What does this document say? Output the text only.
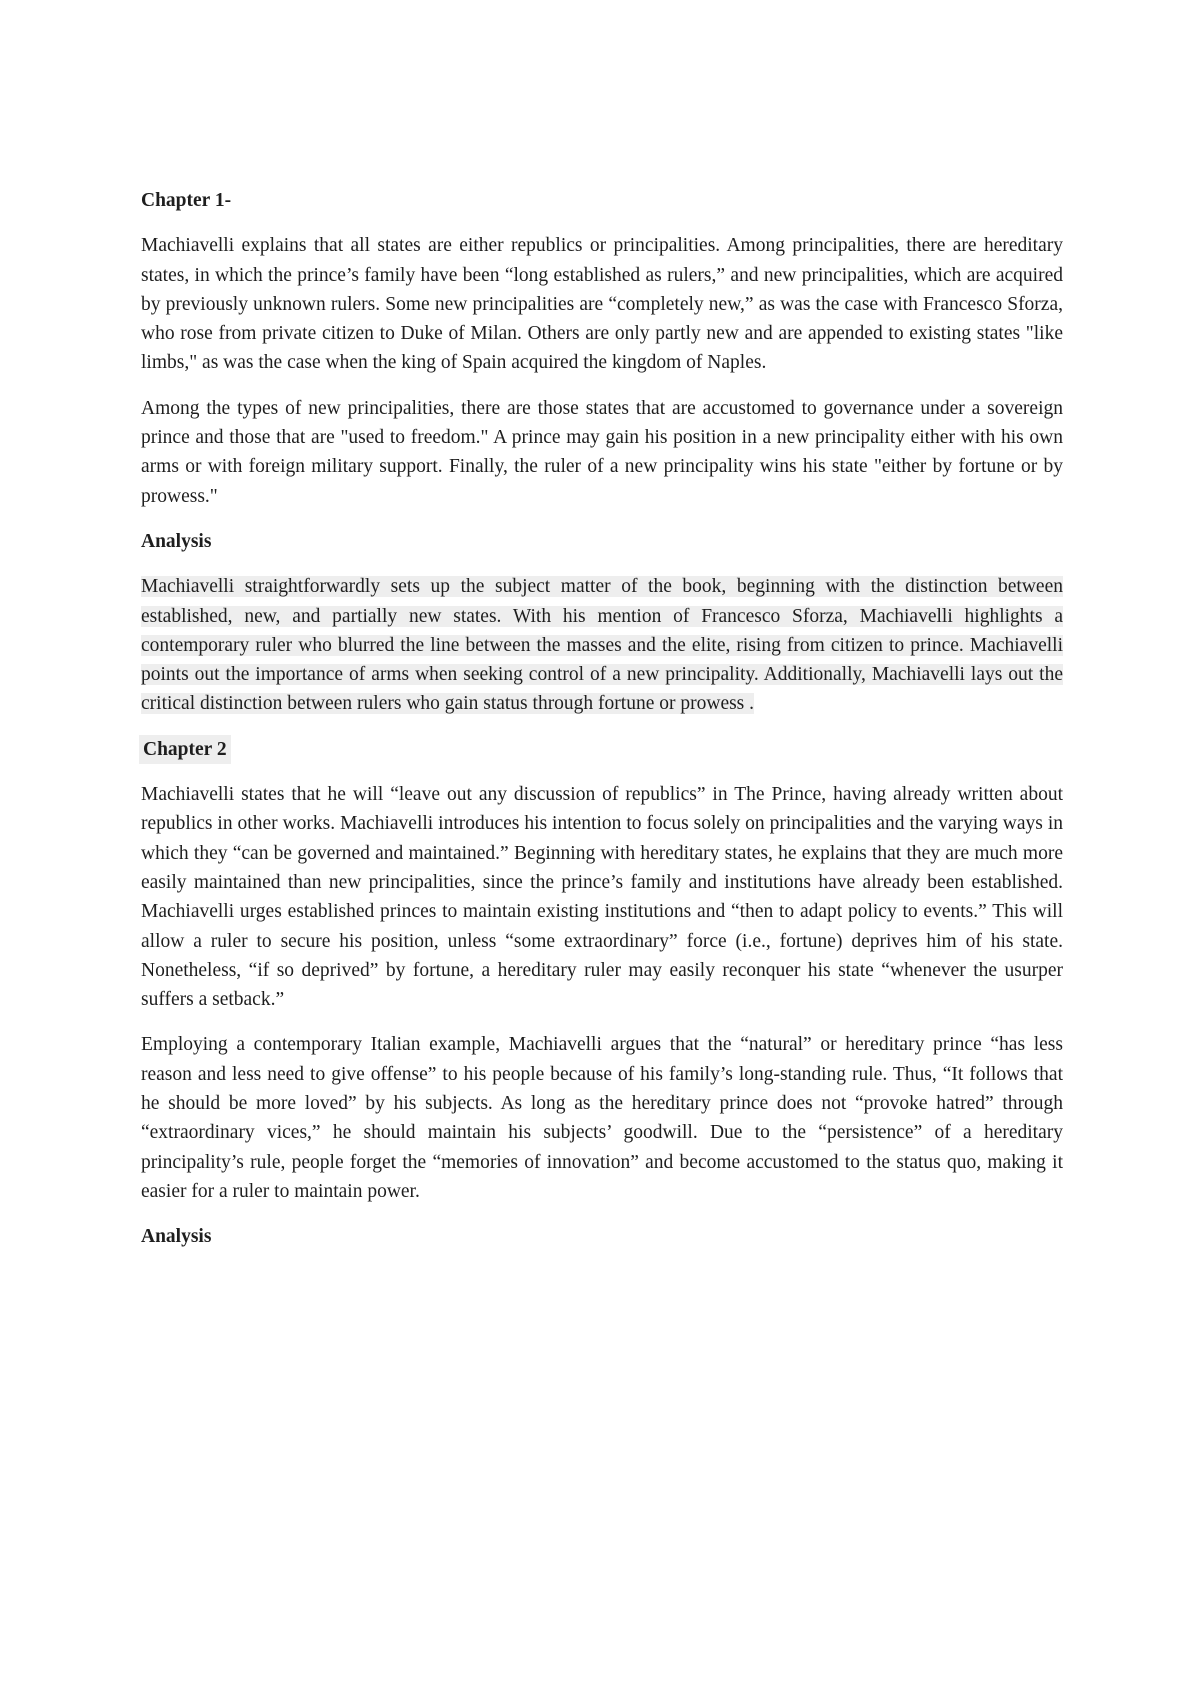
Chapter 1-
Machiavelli explains that all states are either republics or principalities. Among principalities, there are hereditary states, in which the prince’s family have been “long established as rulers,” and new principalities, which are acquired by previously unknown rulers. Some new principalities are “completely new,” as was the case with Francesco Sforza, who rose from private citizen to Duke of Milan. Others are only partly new and are appended to existing states "like limbs," as was the case when the king of Spain acquired the kingdom of Naples.
Among the types of new principalities, there are those states that are accustomed to governance under a sovereign prince and those that are "used to freedom." A prince may gain his position in a new principality either with his own arms or with foreign military support. Finally, the ruler of a new principality wins his state "either by fortune or by prowess."
Analysis
Machiavelli straightforwardly sets up the subject matter of the book, beginning with the distinction between established, new, and partially new states. With his mention of Francesco Sforza, Machiavelli highlights a contemporary ruler who blurred the line between the masses and the elite, rising from citizen to prince. Machiavelli points out the importance of arms when seeking control of a new principality. Additionally, Machiavelli lays out the critical distinction between rulers who gain status through fortune or prowess .
Chapter 2
Machiavelli states that he will “leave out any discussion of republics” in The Prince, having already written about republics in other works. Machiavelli introduces his intention to focus solely on principalities and the varying ways in which they “can be governed and maintained.” Beginning with hereditary states, he explains that they are much more easily maintained than new principalities, since the prince’s family and institutions have already been established. Machiavelli urges established princes to maintain existing institutions and “then to adapt policy to events.” This will allow a ruler to secure his position, unless “some extraordinary” force (i.e., fortune) deprives him of his state. Nonetheless, “if so deprived” by fortune, a hereditary ruler may easily reconquer his state “whenever the usurper suffers a setback.”
Employing a contemporary Italian example, Machiavelli argues that the “natural” or hereditary prince “has less reason and less need to give offense” to his people because of his family’s long-standing rule. Thus, “It follows that he should be more loved” by his subjects. As long as the hereditary prince does not “provoke hatred” through “extraordinary vices,” he should maintain his subjects’ goodwill. Due to the “persistence” of a hereditary principality’s rule, people forget the “memories of innovation” and become accustomed to the status quo, making it easier for a ruler to maintain power.
Analysis
